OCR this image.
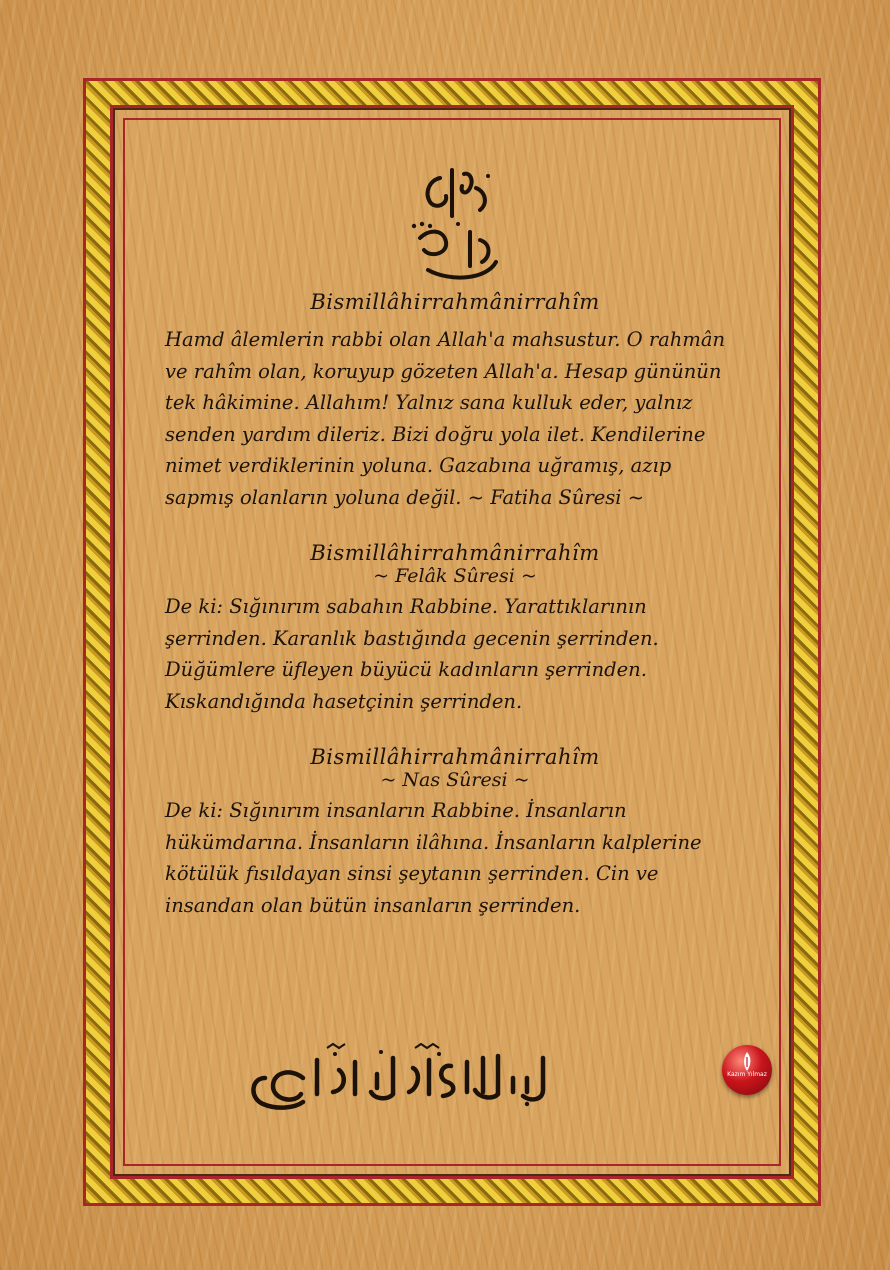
Bismillâhirrahmânirrahîm

Hamd âlemlerin rabbi olan Allah'a mahsustur. O rahmân ve rahîm olan, koruyup gözeten Allah'a. Hesap gününün tek hâkimine. Allahım! Yalnız sana kulluk eder, yalnız senden yardım dileriz. Bizi doğru yola ilet. Kendilerine nimet verdiklerinin yoluna. Gazabına uğramış, azıp sapmış olanların yoluna değil. ~ Fatiha Sûresi ~

Bismillâhirrahmânirrahîm

~ Felâk Sûresi ~

De ki: Sığınırım sabahın Rabbine. Yarattıklarının şerrinden. Karanlık bastığında gecenin şerrinden. Düğümlere üfleyen büyücü kadınların şerrinden. Kıskandığında hasetçinin şerrinden.

Bismillâhirrahmânirrahîm

~ Nas Sûresi ~

De ki: Sığınırım insanların Rabbine. İnsanların hükümdarına. İnsanların ilâhına. İnsanların kalplerine kötülük fısıldayan sinsi şeytanın şerrinden. Cin ve insandan olan bütün insanların şerrinden.

Kazım Yılmaz
